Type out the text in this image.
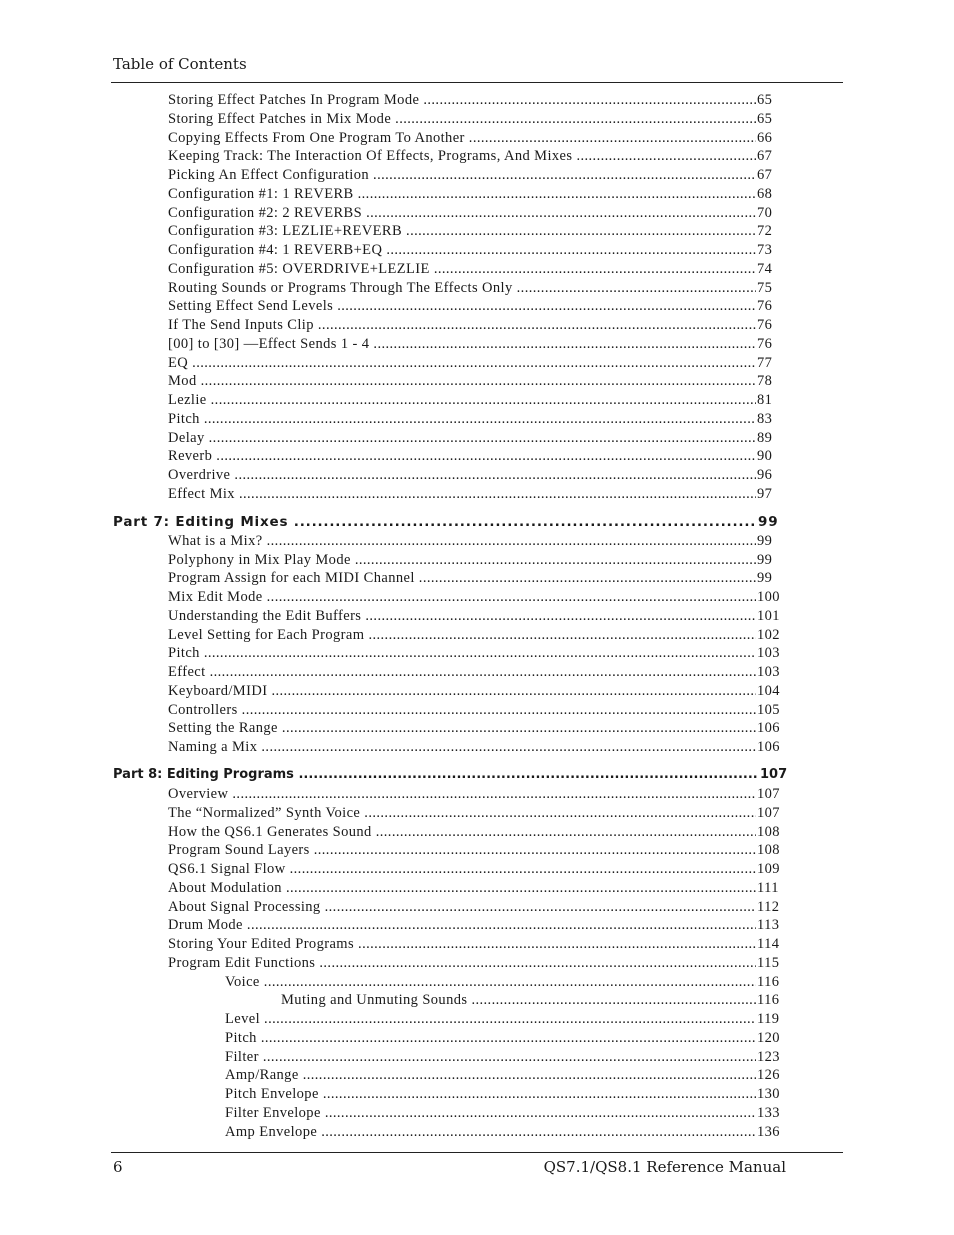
Table of Contents
Storing Effect Patches In Program Mode .....	65
Storing Effect Patches in Mix Mode .....	65
Copying Effects From One Program To Another .....	66
Keeping Track: The Interaction Of Effects, Programs, And Mixes .....	67
Picking An Effect Configuration .....	67
Configuration #1: 1 REVERB .....	68
Configuration #2: 2 REVERBS .....	70
Configuration #3: LEZLIE+REVERB .....	72
Configuration #4: 1 REVERB+EQ .....	73
Configuration #5: OVERDRIVE+LEZLIE .....	74
Routing Sounds or Programs Through The Effects Only .....	75
Setting Effect Send Levels .....	76
If The Send Inputs Clip .....	76
[00] to [30] —Effect Sends 1 - 4 .....	76
EQ .....	77
Mod .....	78
Lezlie .....	81
Pitch .....	83
Delay .....	89
Reverb .....	90
Overdrive .....	96
Effect Mix .....	97
Part 7: Editing Mixes .....	99
What is a Mix? .....	99
Polyphony in Mix Play Mode .....	99
Program Assign for each MIDI Channel .....	99
Mix Edit Mode .....	100
Understanding the Edit Buffers .....	101
Level Setting for Each Program .....	102
Pitch .....	103
Effect .....	103
Keyboard/MIDI .....	104
Controllers .....	105
Setting the Range .....	106
Naming a Mix .....	106
Part 8: Editing Programs .....	107
Overview .....	107
The “Normalized” Synth Voice .....	107
How the QS6.1 Generates Sound .....	108
Program Sound Layers .....	108
QS6.1 Signal Flow .....	109
About Modulation .....	111
About Signal Processing .....	112
Drum Mode .....	113
Storing Your Edited Programs .....	114
Program Edit Functions .....	115
Voice .....	116
Muting and Unmuting Sounds .....	116
Level .....	119
Pitch .....	120
Filter .....	123
Amp/Range .....	126
Pitch Envelope .....	130
Filter Envelope .....	133
Amp Envelope .....	136
6	QS7.1/QS8.1 Reference Manual
